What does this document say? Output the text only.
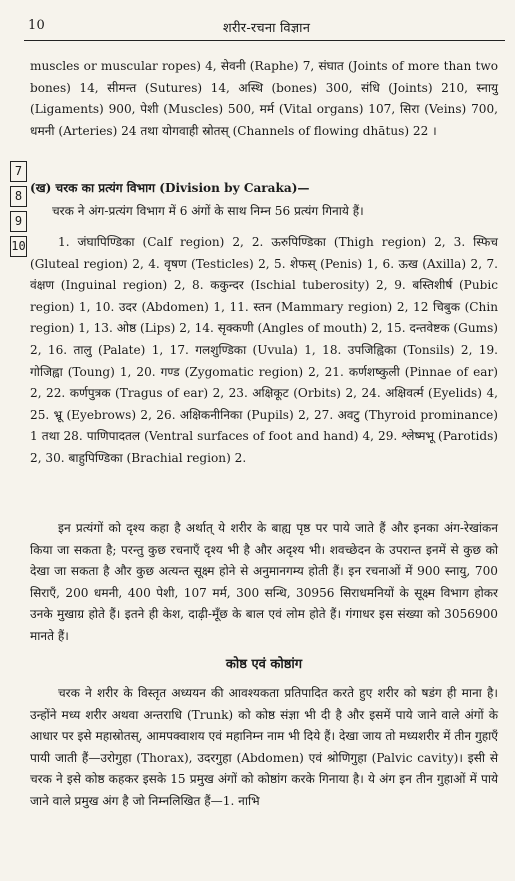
10	शरीर-रचना विज्ञान
7
8
9
10

muscles or muscular ropes) 4, सेवनी (Raphe) 7, संघात (Joints of more than two bones) 14, सीमन्त (Sutures) 14, अस्थि (bones) 300, संधि (Joints) 210, स्नायु (Ligaments) 900, पेशी (Muscles) 500, मर्म (Vital organs) 107, सिरा (Veins) 700, धमनी (Arteries) 24 तथा योगवाही स्रोतस् (Channels of flowing dhātus) 22 ।

(ख) चरक का प्रत्यंग विभाग (Division by Caraka)—

चरक ने अंग-प्रत्यंग विभाग में 6 अंगों के साथ निम्न 56 प्रत्यंग गिनाये हैं।

1. जंघापिण्डिका (Calf region) 2, 2. ऊरुपिण्डिका (Thigh region) 2, 3. स्फिच (Gluteal region) 2, 4. वृषण (Testicles) 2, 5. शेफस् (Penis) 1, 6. ऊख (Axilla) 2, 7. वंक्षण (Inguinal region) 2, 8. ककुन्दर (Ischial tuberosity) 2, 9. बस्तिशीर्ष (Pubic region) 1, 10. उदर (Abdomen) 1, 11. स्तन (Mammary region) 2, 12 चिबुक (Chin region) 1, 13. ओष्ठ (Lips) 2, 14. सृक्कणी (Angles of mouth) 2, 15. दन्तवेष्टक (Gums) 2, 16. तालु (Palate) 1, 17. गलशुण्डिका (Uvula) 1, 18. उपजिह्विका (Tonsils) 2, 19. गोजिह्वा (Toung) 1, 20. गण्ड (Zygomatic region) 2, 21. कर्णशष्कुली (Pinnae of ear) 2, 22. कर्णपुत्रक (Tragus of ear) 2, 23. अक्षिकूट (Orbits) 2, 24. अक्षिवर्त्म (Eyelids) 4, 25. भ्रू (Eyebrows) 2, 26. अक्षिकनीनिका (Pupils) 2, 27. अवटु (Thyroid prominance) 1 तथा 28. पाणिपादतल (Ventral surfaces of foot and hand) 4, 29. श्लेष्मभू (Parotids) 2, 30. बाहुपिण्डिका (Brachial region) 2.

इन प्रत्यंगों को दृश्य कहा है अर्थात् ये शरीर के बाह्य पृष्ठ पर पाये जाते हैं और इनका अंग-रेखांकन किया जा सकता है; परन्तु कुछ रचनाएँ दृश्य भी है और अदृश्य भी। शवच्छेदन के उपरान्त इनमें से कुछ को देखा जा सकता है और कुछ अत्यन्त सूक्ष्म होने से अनुमानगम्य होती हैं। इन रचनाओं में 900 स्नायु, 700 सिराएँ, 200 धमनी, 400 पेशी, 107 मर्म, 300 सन्धि, 30956 सिराधमनियों के सूक्ष्म विभाग होकर उनके मुखाग्र होते हैं। इतने ही केश, दाढ़ी-मूँछ के बाल एवं लोम होते हैं। गंगाधर इस संख्या को 3056900 मानते हैं।

कोष्ठ एवं कोष्ठांग

चरक ने शरीर के विस्तृत अध्ययन की आवश्यकता प्रतिपादित करते हुए शरीर को षडंग ही माना है। उन्होंने मध्य शरीर अथवा अन्तराधि (Trunk) को कोष्ठ संज्ञा भी दी है और इसमें पाये जाने वाले अंगों के आधार पर इसे महास्रोतस्, आमपक्वाशय एवं महानिम्न नाम भी दिये हैं। देखा जाय तो मध्यशरीर में तीन गुहाएँ पायी जाती हैं—उरोगुहा (Thorax), उदरगुहा (Abdomen) एवं श्रोणिगुहा (Palvic cavity)। इसी से चरक ने इसे कोष्ठ कहकर इसके 15 प्रमुख अंगों को कोष्ठांग करके गिनाया है। ये अंग इन तीन गुहाओं में पाये जाने वाले प्रमुख अंग है जो निम्नलिखित हैं—1. नाभि
